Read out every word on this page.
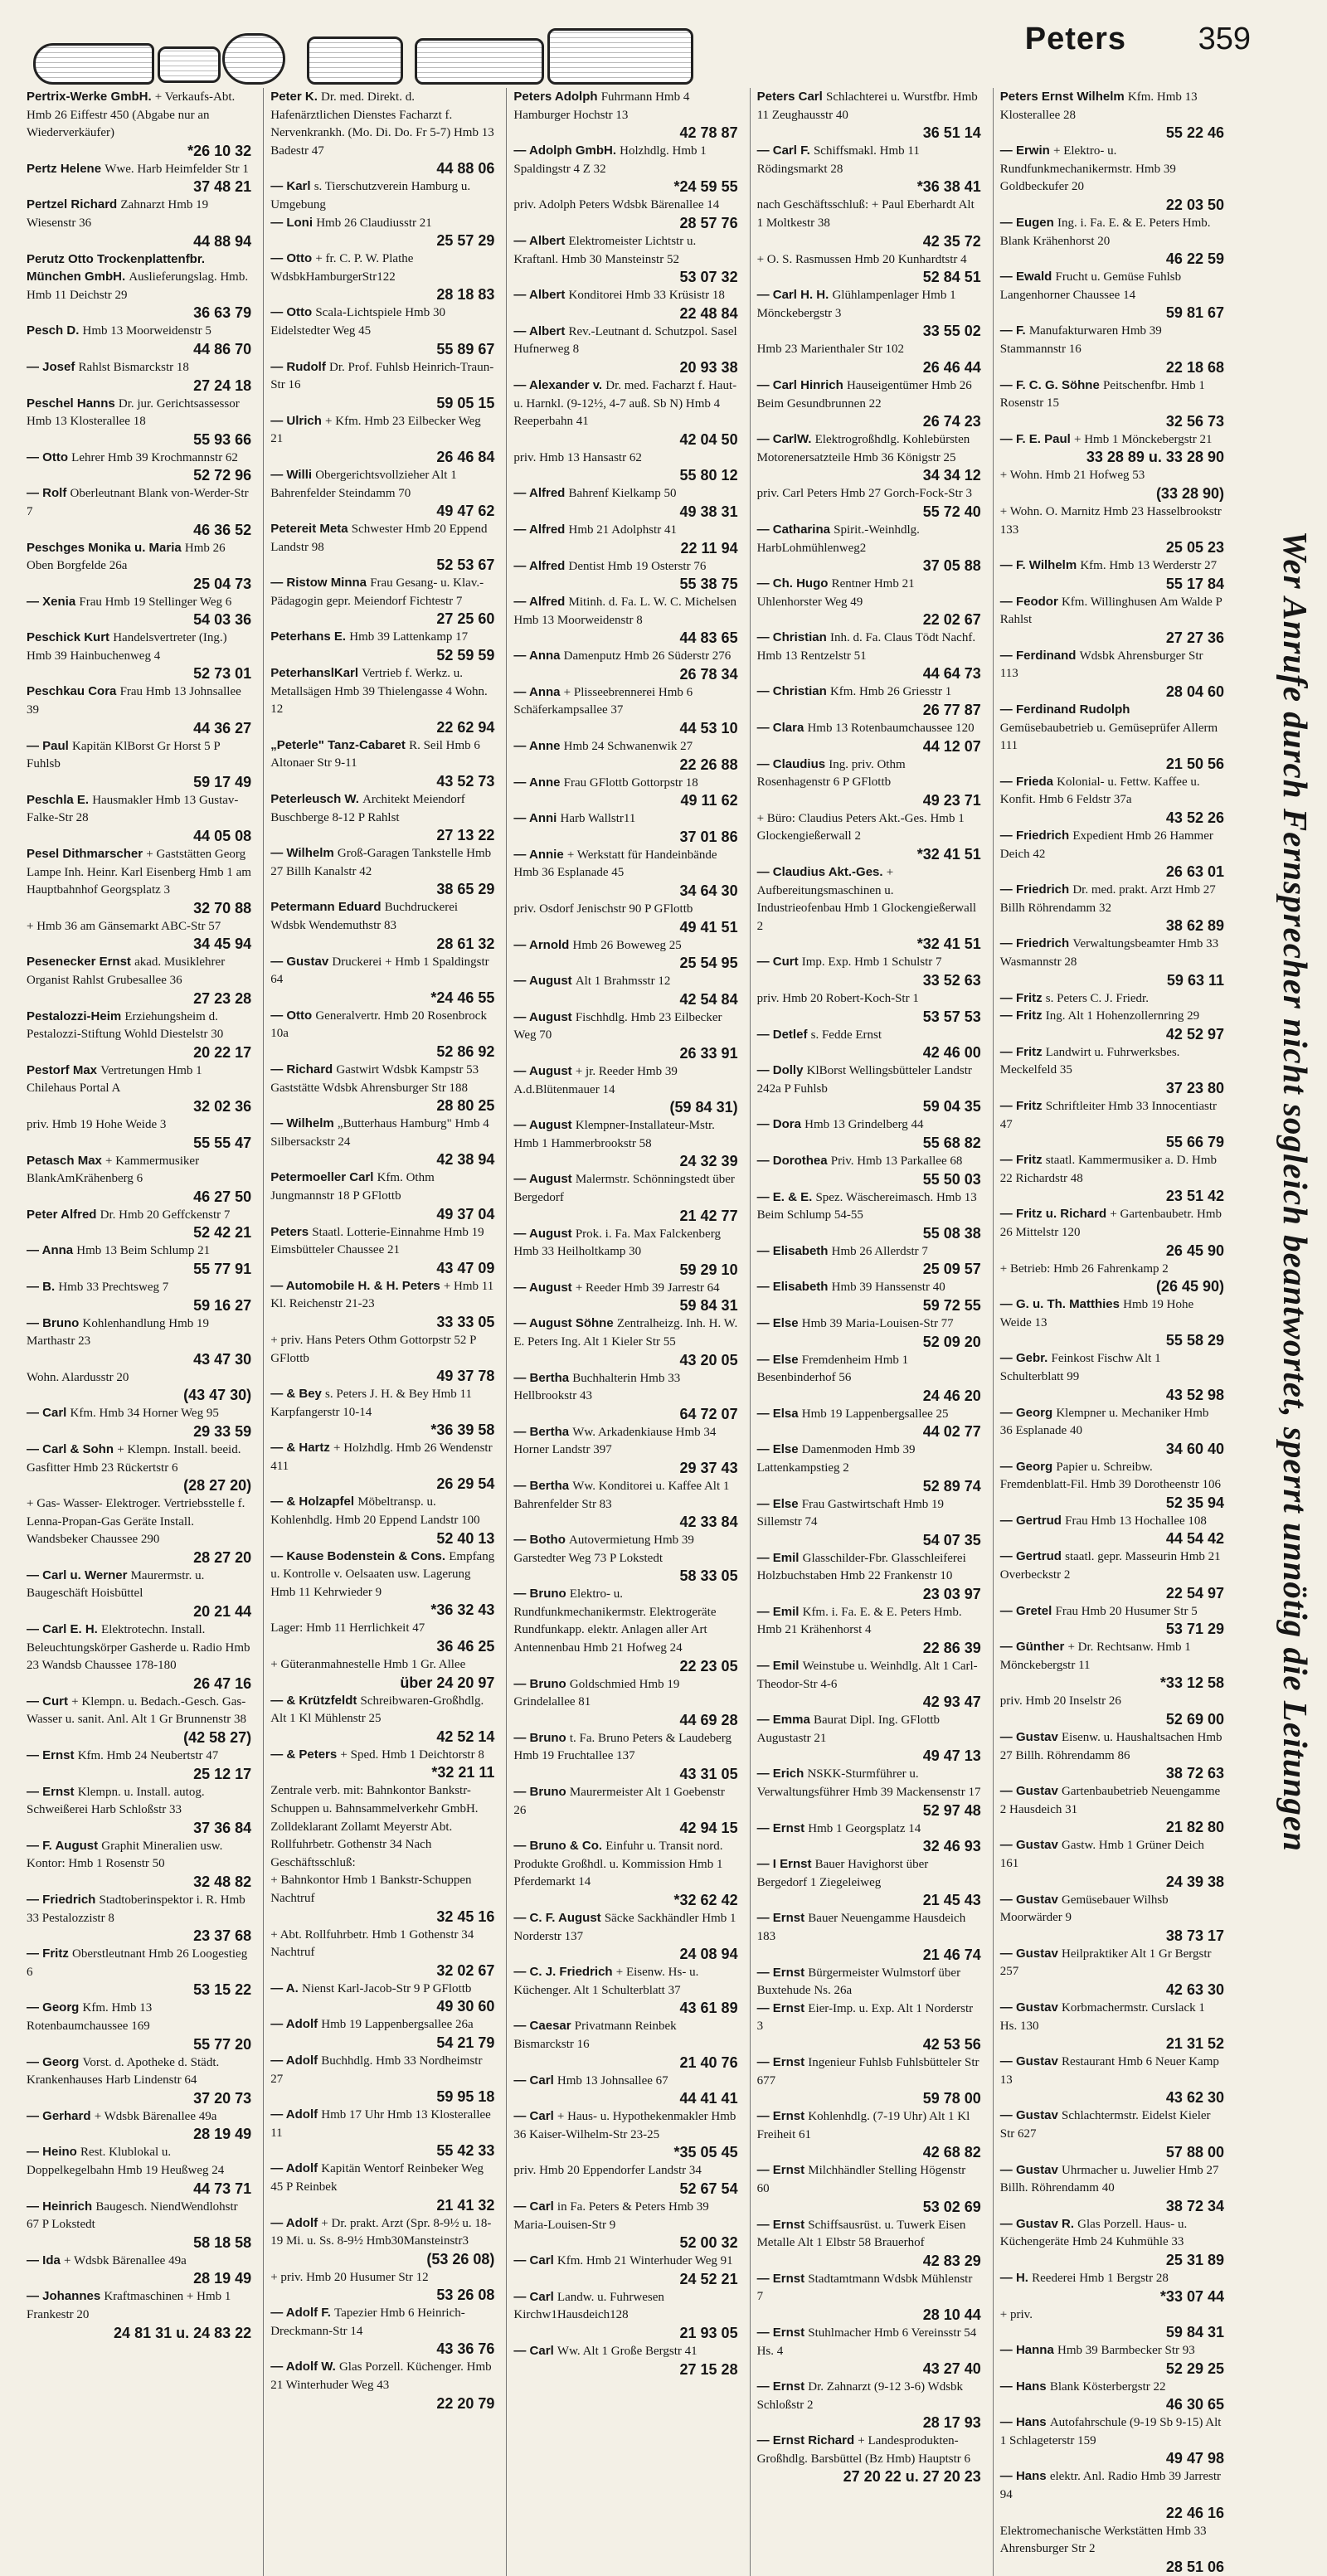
Peters 359
Pertrix-Werke GmbH. + Verkaufs-Abt. Hmb 26 Eiffestr 450 (Abgabe nur an Wiederverkäufer)
*26 10 32
Pertz Helene Wwe. Harb Heimfelder Str 1
37 48 21
Pertzel Richard Zahnarzt Hmb 19 Wiesenstr 36
44 88 94
Perutz Otto Trockenplattenfbr. München GmbH. Auslieferungslag. Hmb. Hmb 11 Deichstr 29
36 63 79
Pesch D. Hmb 13 Moorweidenstr 5
44 86 70
— Josef Rahlst Bismarckstr 18
27 24 18
Peschel Hanns Dr. jur. Gerichtsassessor Hmb 13 Klosterallee 18
55 93 66
— Otto Lehrer Hmb 39 Krochmannstr 62
52 72 96
— Rolf Oberleutnant Blank von-Werder-Str 7
46 36 52
Peschges Monika u. Maria Hmb 26 Oben Borgfelde 26a
25 04 73
— Xenia Frau Hmb 19 Stellinger Weg 6
54 03 36
Peschick Kurt Handelsvertreter (Ing.) Hmb 39 Hainbuchenweg 4
52 73 01
Peschkau Cora Frau Hmb 13 Johnsallee 39
44 36 27
— Paul Kapitän KlBorst Gr Horst 5 P Fuhlsb
59 17 49
Peschla E. Hausmakler Hmb 13 Gustav-Falke-Str 28
44 05 08
Pesel Dithmarscher + Gaststätten Georg Lampe Inh. Heinr. Karl Eisenberg Hmb 1 am Hauptbahnhof Georgsplatz 3
32 70 88
+ Hmb 36 am Gänsemarkt ABC-Str 57
34 45 94
Pesenecker Ernst akad. Musiklehrer Organist Rahlst Grubesallee 36
27 23 28
Pestalozzi-Heim Erziehungsheim d. Pestalozzi-Stiftung Wohld Diestelstr 30
20 22 17
Pestorf Max Vertretungen Hmb 1 Chilehaus Portal A
32 02 36
priv. Hmb 19 Hohe Weide 3
55 55 47
Petasch Max + Kammermusiker BlankAmKrähenberg 6
46 27 50
Peter Alfred Dr. Hmb 20 Geffckenstr 7
52 42 21
— Anna Hmb 13 Beim Schlump 21
55 77 91
— B. Hmb 33 Prechtsweg 7
59 16 27
— Bruno Kohlenhandlung Hmb 19 Marthastr 23
43 47 30
Wohn. Alardusstr 20
(43 47 30)
— Carl Kfm. Hmb 34 Horner Weg 95
29 33 59
— Carl & Sohn + Klempn. Install. beeid. Gasfitter Hmb 23 Rückertstr 6
(28 27 20)
+ Gas- Wasser- Elektroger. Vertriebsstelle f. Lenna-Propan-Gas Geräte Install. Wandsbeker Chaussee 290
28 27 20
— Carl u. Werner Maurermstr. u. Baugeschäft Hoisbüttel
20 21 44
— Carl E. H. Elektrotechn. Install. Beleuchtungskörper Gasherde u. Radio Hmb 23 Wandsb Chaussee 178-180
26 47 16
— Curt + Klempn. u. Bedach.-Gesch. Gas- Wasser u. sanit. Anl. Alt 1 Gr Brunnenstr 38
(42 58 27)
— Ernst Kfm. Hmb 24 Neubertstr 47
25 12 17
— Ernst Klempn. u. Install. autog. Schweißerei Harb Schloßstr 33
37 36 84
— F. August Graphit Mineralien usw. Kontor: Hmb 1 Rosenstr 50
32 48 82
— Friedrich Stadtoberinspektor i. R. Hmb 33 Pestalozzistr 8
23 37 68
— Fritz Oberstleutnant Hmb 26 Loogestieg 6
53 15 22
— Georg Kfm. Hmb 13 Rotenbaumchaussee 169
55 77 20
— Georg Vorst. d. Apotheke d. Städt. Krankenhauses Harb Lindenstr 64
37 20 73
— Gerhard + Wdsbk Bärenallee 49a
28 19 49
— Heino Rest. Klublokal u. Doppelkegelbahn Hmb 19 Heußweg 24
44 73 71
— Heinrich Baugesch. NiendWendlohstr 67 P Lokstedt
58 18 58
— Ida + Wdsbk Bärenallee 49a
28 19 49
— Johannes Kraftmaschinen + Hmb 1 Frankestr 20
24 81 31 u. 24 83 22
Peter K. Dr. med. Direkt. d. Hafenärztlichen Dienstes Facharzt f. Nervenkrankh. (Mo. Di. Do. Fr 5-7) Hmb 13 Badestr 47
44 88 06
— Karl s. Tierschutzverein Hamburg u. Umgebung
— Loni Hmb 26 Claudiusstr 21
25 57 29
— Otto + fr. C. P. W. Plathe WdsbkHamburgerStr122
28 18 83
— Otto Scala-Lichtspiele Hmb 30 Eidelstedter Weg 45
55 89 67
— Rudolf Dr. Prof. Fuhlsb Heinrich-Traun-Str 16
59 05 15
— Ulrich + Kfm. Hmb 23 Eilbecker Weg 21
26 46 84
— Willi Obergerichtsvollzieher Alt 1 Bahrenfelder Steindamm 70
49 47 62
Petereit Meta Schwester Hmb 20 Eppend Landstr 98
52 53 67
— Ristow Minna Frau Gesang- u. Klav.-Pädagogin gepr. Meiendorf Fichtestr 7
27 25 60
Peterhans E. Hmb 39 Lattenkamp 17
52 59 59
PeterhanslKarl Vertrieb f. Werkz. u. Metallsägen Hmb 39 Thielengasse 4 Wohn. 12
22 62 94
„Peterle" Tanz-Cabaret R. Seil Hmb 6 Altonaer Str 9-11
43 52 73
Peterleusch W. Architekt Meiendorf Buschberge 8-12 P Rahlst
27 13 22
— Wilhelm Groß-Garagen Tankstelle Hmb 27 Billh Kanalstr 42
38 65 29
Petermann Eduard Buchdruckerei Wdsbk Wendemuthstr 83
28 61 32
— Gustav Druckerei + Hmb 1 Spaldingstr 64
*24 46 55
— Otto Generalvertr. Hmb 20 Rosenbrock 10a
52 86 92
— Richard Gastwirt Wdsbk Kampstr 53 Gaststätte Wdsbk Ahrensburger Str 188
28 80 25
— Wilhelm „Butterhaus Hamburg" Hmb 4 Silbersackstr 24
42 38 94
Petermoeller Carl Kfm. Othm Jungmannstr 18 P GFlottb
49 37 04
Peters Staatl. Lotterie-Einnahme Hmb 19 Eimsbütteler Chaussee 21
43 47 09
— Automobile H. & H. Peters + Hmb 11 Kl. Reichenstr 21-23
33 33 05
+ priv. Hans Peters Othm Gottorpstr 52 P GFlottb
49 37 78
— & Bey s. Peters J. H. & Bey Hmb 11 Karpfangerstr 10-14
*36 39 58
— & Hartz + Holzhdlg. Hmb 26 Wendenstr 411
26 29 54
— & Holzapfel Möbeltransp. u. Kohlenhdlg. Hmb 20 Eppend Landstr 100
52 40 13
— Kause Bodenstein & Cons. Empfang u. Kontrolle v. Oelsaaten usw. Lagerung Hmb 11 Kehrwieder 9
*36 32 43
Lager: Hmb 11 Herrlichkeit 47
36 46 25
+ Güteranmahnestelle Hmb 1 Gr. Allee
über 24 20 97
— & Krützfeldt Schreibwaren-Großhdlg. Alt 1 Kl Mühlenstr 25
42 52 14
— & Peters + Sped. Hmb 1 Deichtorstr 8
*32 21 11
Zentrale verb. mit: Bahnkontor Bankstr-Schuppen u. Bahnsammelverkehr GmbH. Zolldeklarant Zollamt Meyerstr Abt. Rollfuhrbetr. Gothenstr 34 Nach Geschäftsschluß:
+ Bahnkontor Hmb 1 Bankstr-Schuppen Nachtruf
32 45 16
+ Abt. Rollfuhrbetr. Hmb 1 Gothenstr 34 Nachtruf
32 02 67
— A. Nienst Karl-Jacob-Str 9 P GFlottb
49 30 60
— Adolf Hmb 19 Lappenbergsallee 26a
54 21 79
— Adolf Buchhdlg. Hmb 33 Nordheimstr 27
59 95 18
— Adolf Hmb 17 Uhr Hmb 13 Klosterallee 11
55 42 33
— Adolf Kapitän Wentorf Reinbeker Weg 45 P Reinbek
21 41 32
— Adolf + Dr. prakt. Arzt (Spr. 8-9½ u. 18-19 Mi. u. Ss. 8-9½ Hmb30Mansteinstr3
(53 26 08)
+ priv. Hmb 20 Husumer Str 12
53 26 08
— Adolf F. Tapezier Hmb 6 Heinrich-Dreckmann-Str 14
43 36 76
— Adolf W. Glas Porzell. Küchenger. Hmb 21 Winterhuder Weg 43
22 20 79
Peters Adolph Fuhrmann Hmb 4 Hamburger Hochstr 13
42 78 87
— Adolph GmbH. Holzhdlg. Hmb 1 Spaldingstr 4 Z 32
*24 59 55
priv. Adolph Peters Wdsbk Bärenallee 14
28 57 76
— Albert Elektromeister Lichtstr u. Kraftanl. Hmb 30 Mansteinstr 52
53 07 32
— Albert Konditorei Hmb 33 Krüsistr 18
22 48 84
— Albert Rev.-Leutnant d. Schutzpol. Sasel Hufnerweg 8
20 93 38
— Alexander v. Dr. med. Facharzt f. Haut- u. Harnkl. (9-12½, 4-7 auß. Sb N) Hmb 4 Reeperbahn 41
42 04 50
priv. Hmb 13 Hansastr 62
55 80 12
— Alfred Bahrenf Kielkamp 50
49 38 31
— Alfred Hmb 21 Adolphstr 41
22 11 94
— Alfred Dentist Hmb 19 Osterstr 76
55 38 75
— Alfred Mitinh. d. Fa. L. W. C. Michelsen Hmb 13 Moorweidenstr 8
44 83 65
— Anna Damenputz Hmb 26 Süderstr 276
26 78 34
— Anna + Plisseebrennerei Hmb 6 Schäferkampsallee 37
44 53 10
— Anne Hmb 24 Schwanenwik 27
22 26 88
— Anne Frau GFlottb Gottorpstr 18
49 11 62
— Anni Harb Wallstr11
37 01 86
— Annie + Werkstatt für Handeinbände Hmb 36 Esplanade 45
34 64 30
priv. Osdorf Jenischstr 90 P GFlottb
49 41 51
— Arnold Hmb 26 Boweweg 25
25 54 95
— August Alt 1 Brahmsstr 12
42 54 84
— August Fischhdlg. Hmb 23 Eilbecker Weg 70
26 33 91
— August + jr. Reeder Hmb 39 A.d.Blütenmauer 14
(59 84 31)
— August Klempner-Installateur-Mstr. Hmb 1 Hammerbrookstr 58
24 32 39
— August Malermstr. Schönningstedt über Bergedorf
21 42 77
— August Prok. i. Fa. Max Falckenberg Hmb 33 Heilholtkamp 30
59 29 10
— August + Reeder Hmb 39 Jarrestr 64
59 84 31
— August Söhne Zentralheizg. Inh. H. W. E. Peters Ing. Alt 1 Kieler Str 55
43 20 05
— Bertha Buchhalterin Hmb 33 Hellbrookstr 43
64 72 07
— Bertha Ww. Arkadenkiause Hmb 34 Horner Landstr 397
29 37 43
— Bertha Ww. Konditorei u. Kaffee Alt 1 Bahrenfelder Str 83
42 33 84
— Botho Autovermietung Hmb 39 Garstedter Weg 73 P Lokstedt
58 33 05
— Bruno Elektro- u. Rundfunkmechanikermstr. Elektrogeräte Rundfunkapp. elektr. Anlagen aller Art Antennenbau Hmb 21 Hofweg 24
22 23 05
— Bruno Goldschmied Hmb 19 Grindelallee 81
44 69 28
— Bruno t. Fa. Bruno Peters & Laudeberg Hmb 19 Fruchtallee 137
43 31 05
— Bruno Maurermeister Alt 1 Goebenstr 26
42 94 15
— Bruno & Co. Einfuhr u. Transit nord. Produkte Großhdl. u. Kommission Hmb 1 Pferdemarkt 14
*32 62 42
— C. F. August Säcke Sackhändler Hmb 1 Norderstr 137
24 08 94
— C. J. Friedrich + Eisenw. Hs- u. Küchenger. Alt 1 Schulterblatt 37
43 61 89
— Caesar Privatmann Reinbek Bismarckstr 16
21 40 76
— Carl Hmb 13 Johnsallee 67
44 41 41
— Carl + Haus- u. Hypothekenmakler Hmb 36 Kaiser-Wilhelm-Str 23-25
*35 05 45
priv. Hmb 20 Eppendorfer Landstr 34
52 67 54
— Carl in Fa. Peters & Peters Hmb 39 Maria-Louisen-Str 9
52 00 32
— Carl Kfm. Hmb 21 Winterhuder Weg 91
24 52 21
— Carl Landw. u. Fuhrwesen Kirchw1Hausdeich128
21 93 05
— Carl Ww. Alt 1 Große Bergstr 41
27 15 28
Peters Carl Schlachterei u. Wurstfbr. Hmb 11 Zeughausstr 40
36 51 14
— Carl F. Schiffsmakl. Hmb 11 Rödingsmarkt 28
*36 38 41
nach Geschäftsschluß: + Paul Eberhardt Alt 1 Moltkestr 38
42 35 72
+ O. S. Rasmussen Hmb 20 Kunhardtstr 4
52 84 51
— Carl H. H. Glühlampenlager Hmb 1 Mönckebergstr 3
33 55 02
Hmb 23 Marienthaler Str 102
26 46 44
— Carl Hinrich Hauseigentümer Hmb 26 Beim Gesundbrunnen 22
26 74 23
— CarlW. Elektrogroßhdlg. Kohlebürsten Motorenersatzteile Hmb 36 Königstr 25
34 34 12
priv. Carl Peters Hmb 27 Gorch-Fock-Str 3
55 72 40
— Catharina Spirit.-Weinhdlg. HarbLohmühlenweg2
37 05 88
— Ch. Hugo Rentner Hmb 21 Uhlenhorster Weg 49
22 02 67
— Christian Inh. d. Fa. Claus Tödt Nachf. Hmb 13 Rentzelstr 51
44 64 73
— Christian Kfm. Hmb 26 Griesstr 1
26 77 87
— Clara Hmb 13 Rotenbaumchaussee 120
44 12 07
— Claudius Ing. priv. Othm Rosenhagenstr 6 P GFlottb
49 23 71
+ Büro: Claudius Peters Akt.-Ges. Hmb 1 Glockengießerwall 2
*32 41 51
— Claudius Akt.-Ges. + Aufbereitungsmaschinen u. Industrieofenbau Hmb 1 Glockengießerwall 2
*32 41 51
— Curt Imp. Exp. Hmb 1 Schulstr 7
33 52 63
priv. Hmb 20 Robert-Koch-Str 1
53 57 53
— Detlef s. Fedde Ernst
42 46 00
— Dolly KlBorst Wellingsbütteler Landstr 242a P Fuhlsb
59 04 35
— Dora Hmb 13 Grindelberg 44
55 68 82
— Dorothea Priv. Hmb 13 Parkallee 68
55 50 03
— E. & E. Spez. Wäschereimasch. Hmb 13 Beim Schlump 54-55
55 08 38
— Elisabeth Hmb 26 Allerdstr 7
25 09 57
— Elisabeth Hmb 39 Hanssenstr 40
59 72 55
— Else Hmb 39 Maria-Louisen-Str 77
52 09 20
— Else Fremdenheim Hmb 1 Besenbinderhof 56
24 46 20
— Elsa Hmb 19 Lappenbergsallee 25
44 02 77
— Else Damenmoden Hmb 39 Lattenkampstieg 2
52 89 74
— Else Frau Gastwirtschaft Hmb 19 Sillemstr 74
54 07 35
— Emil Glasschilder-Fbr. Glasschleiferei Holzbuchstaben Hmb 22 Frankenstr 10
23 03 97
— Emil Kfm. i. Fa. E. & E. Peters Hmb. Hmb 21 Krähenhorst 4
22 86 39
— Emil Weinstube u. Weinhdlg. Alt 1 Carl-Theodor-Str 4-6
42 93 47
— Emma Baurat Dipl. Ing. GFlottb Augustastr 21
49 47 13
— Erich NSKK-Sturmführer u. Verwaltungsführer Hmb 39 Mackensenstr 17
52 97 48
— Ernst Hmb 1 Georgsplatz 14
32 46 93
— I Ernst Bauer Havighorst über Bergedorf 1 Ziegeleiweg
21 45 43
— Ernst Bauer Neuengamme Hausdeich 183
21 46 74
— Ernst Bürgermeister Wulmstorf über Buxtehude Ns. 26a
— Ernst Eier-Imp. u. Exp. Alt 1 Norderstr 3
42 53 56
— Ernst Ingenieur Fuhlsb Fuhlsbütteler Str 677
59 78 00
— Ernst Kohlenhdlg. (7-19 Uhr) Alt 1 Kl Freiheit 61
42 68 82
— Ernst Milchhändler Stelling Högenstr 60
53 02 69
— Ernst Schiffsausrüst. u. Tuwerk Eisen Metalle Alt 1 Elbstr 58 Brauerhof
42 83 29
— Ernst Stadtamtmann Wdsbk Mühlenstr 7
28 10 44
— Ernst Stuhlmacher Hmb 6 Vereinsstr 54 Hs. 4
43 27 40
— Ernst Dr. Zahnarzt (9-12 3-6) Wdsbk Schloßstr 2
28 17 93
— Ernst Richard + Landesprodukten-Großhdlg. Barsbüttel (Bz Hmb) Hauptstr 6
27 20 22 u. 27 20 23
Peters Ernst Wilhelm Kfm. Hmb 13 Klosterallee 28
55 22 46
— Erwin + Elektro- u. Rundfunkmechanikermstr. Hmb 39 Goldbeckufer 20
22 03 50
— Eugen Ing. i. Fa. E. & E. Peters Hmb. Blank Krähenhorst 20
46 22 59
— Ewald Frucht u. Gemüse Fuhlsb Langenhorner Chaussee 14
59 81 67
— F. Manufakturwaren Hmb 39 Stammannstr 16
22 18 68
— F. C. G. Söhne Peitschenfbr. Hmb 1 Rosenstr 15
32 56 73
— F. E. Paul + Hmb 1 Mönckebergstr 21
33 28 89 u. 33 28 90
+ Wohn. Hmb 21 Hofweg 53
(33 28 90)
+ Wohn. O. Marnitz Hmb 23 Hasselbrookstr 133
25 05 23
— F. Wilhelm Kfm. Hmb 13 Werderstr 27
55 17 84
— Feodor Kfm. Willinghusen Am Walde P Rahlst
27 27 36
— Ferdinand Wdsbk Ahrensburger Str 113
28 04 60
— Ferdinand Rudolph Gemüsebaubetrieb u. Gemüseprüfer Allerm 111
21 50 56
— Frieda Kolonial- u. Fettw. Kaffee u. Konfit. Hmb 6 Feldstr 37a
43 52 26
— Friedrich Expedient Hmb 26 Hammer Deich 42
26 63 01
— Friedrich Dr. med. prakt. Arzt Hmb 27 Billh Röhrendamm 32
38 62 89
— Friedrich Verwaltungsbeamter Hmb 33 Wasmannstr 28
59 63 11
— Fritz s. Peters C. J. Friedr.
— Fritz Ing. Alt 1 Hohenzollernring 29
42 52 97
— Fritz Landwirt u. Fuhrwerksbes. Meckelfeld 35
37 23 80
— Fritz Schriftleiter Hmb 33 Innocentiastr 47
55 66 79
— Fritz staatl. Kammermusiker a. D. Hmb 22 Richardstr 48
23 51 42
— Fritz u. Richard + Gartenbaubetr. Hmb 26 Mittelstr 120
26 45 90
+ Betrieb: Hmb 26 Fahrenkamp 2
(26 45 90)
— G. u. Th. Matthies Hmb 19 Hohe Weide 13
55 58 29
— Gebr. Feinkost Fischw Alt 1 Schulterblatt 99
43 52 98
— Georg Klempner u. Mechaniker Hmb 36 Esplanade 40
34 60 40
— Georg Papier u. Schreibw. Fremdenblatt-Fil. Hmb 39 Dorotheenstr 106
52 35 94
— Gertrud Frau Hmb 13 Hochallee 108
44 54 42
— Gertrud staatl. gepr. Masseurin Hmb 21 Overbeckstr 2
22 54 97
— Gretel Frau Hmb 20 Husumer Str 5
53 71 29
— Günther + Dr. Rechtsanw. Hmb 1 Mönckebergstr 11
*33 12 58
priv. Hmb 20 Inselstr 26
52 69 00
— Gustav Eisenw. u. Haushaltsachen Hmb 27 Billh. Röhrendamm 86
38 72 63
— Gustav Gartenbaubetrieb Neuengamme 2 Hausdeich 31
21 82 80
— Gustav Gastw. Hmb 1 Grüner Deich 161
24 39 38
— Gustav Gemüsebauer Wilhsb Moorwärder 9
38 73 17
— Gustav Heilpraktiker Alt 1 Gr Bergstr 257
42 63 30
— Gustav Korbmachermstr. Curslack 1 Hs. 130
21 31 52
— Gustav Restaurant Hmb 6 Neuer Kamp 13
43 62 30
— Gustav Schlachtermstr. Eidelst Kieler Str 627
57 88 00
— Gustav Uhrmacher u. Juwelier Hmb 27 Billh. Röhrendamm 40
38 72 34
— Gustav R. Glas Porzell. Haus- u. Küchengeräte Hmb 24 Kuhmühle 33
25 31 89
— H. Reederei Hmb 1 Bergstr 28
*33 07 44
+ priv.
59 84 31
— Hanna Hmb 39 Barmbecker Str 93
52 29 25
— Hans Blank Kösterbergstr 22
46 30 65
— Hans Autofahrschule (9-19 Sb 9-15) Alt 1 Schlageterstr 159
49 47 98
— Hans elektr. Anl. Radio Hmb 39 Jarrestr 94
22 46 16
Elektromechanische Werkstätten Hmb 33 Ahrensburger Str 2
28 51 06
Wer Anrufe durch Fernsprecher nicht sogleich beantwortet, sperrt unnötig die Leitungen
